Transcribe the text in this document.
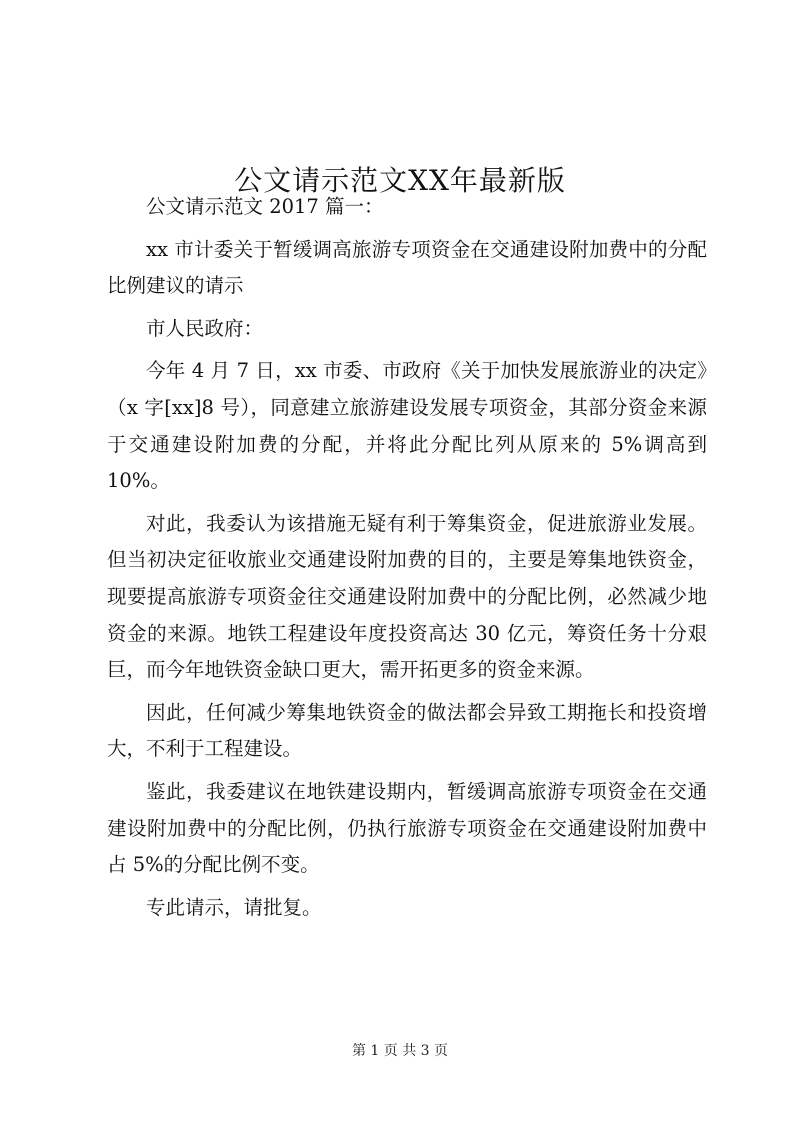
公文请示范文XX年最新版

公文请示范文 2017 篇一：

xx 市计委关于暂缓调高旅游专项资金在交通建设附加费中的分配比例建议的请示

市人民政府：

今年 4 月 7 日，xx 市委、市政府《关于加快发展旅游业的决定》（x 字[xx]8 号），同意建立旅游建设发展专项资金，其部分资金来源于交通建设附加费的分配，并将此分配比列从原来的 5%调高到 10%。

对此，我委认为该措施无疑有利于筹集资金，促进旅游业发展。但当初决定征收旅业交通建设附加费的目的，主要是筹集地铁资金，现要提高旅游专项资金往交通建设附加费中的分配比例，必然减少地资金的来源。地铁工程建设年度投资高达 30 亿元，筹资任务十分艰巨，而今年地铁资金缺口更大，需开拓更多的资金来源。

因此，任何减少筹集地铁资金的做法都会异致工期拖长和投资增大，不利于工程建设。

鉴此，我委建议在地铁建设期内，暂缓调高旅游专项资金在交通建设附加费中的分配比例，仍执行旅游专项资金在交通建设附加费中占 5%的分配比例不变。

专此请示，请批复。

第 1 页 共 3 页
